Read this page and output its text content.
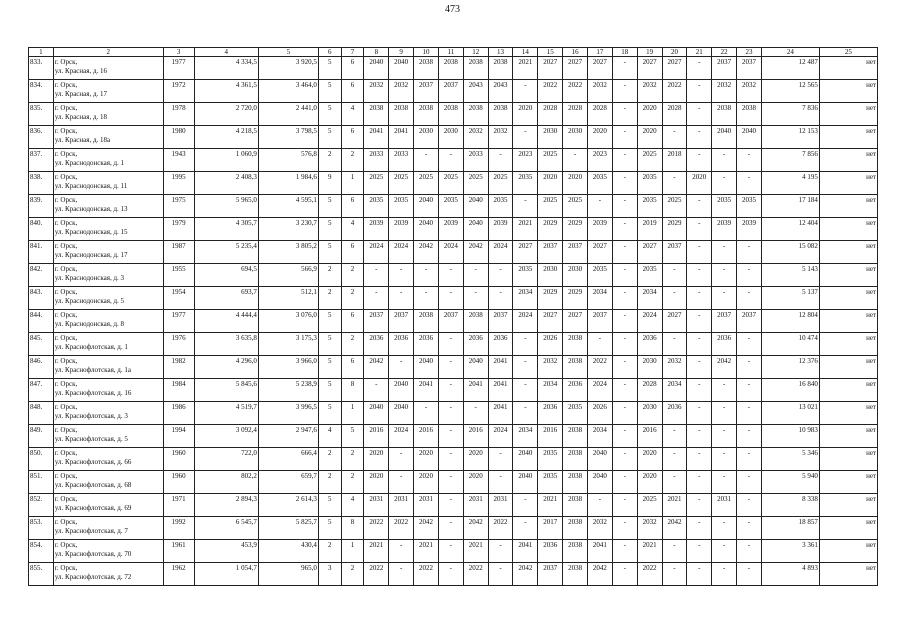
473
1	2	3	4	5	6	7	8	9	10	11	12	13	14	15	16	17	18	19	20	21	22	23	24	25
833.	г. Орск,
ул. Красная, д. 16	1977	4 334,5	3 920,5	5	6	2040	2040	2038	2038	2038	2038	2021	2027	2027	2027	-	2027	2027	-	2037	2037	12 487	нет
834.	г. Орск,
ул. Красная, д. 17	1972	4 361,5	3 464,0	5	6	2032	2032	2037	2037	2043	2043	-	2022	2022	2032	-	2032	2022	-	2032	2032	12 565	нет
835.	г. Орск,
ул. Красная, д. 18	1978	2 720,0	2 441,0	5	4	2038	2038	2038	2038	2038	2038	2020	2028	2028	2028	-	2020	2028	-	2038	2038	7 836	нет
836.	г. Орск,
ул. Красная, д. 18а	1980	4 218,5	3 798,5	5	6	2041	2041	2030	2030	2032	2032	-	2030	2030	2020	-	2020	-	-	2040	2040	12 153	нет
837.	г. Орск,
ул. Краснодонская, д. 1	1943	1 060,9	576,8	2	2	2033	2033	-	-	2033	-	2023	2025	-	2023	-	2025	2018	-	-	-	7 856	нет
838.	г. Орск,
ул. Краснодонская, д. 11	1995	2 408,3	1 984,6	9	1	2025	2025	2025	2025	2025	2025	2035	2020	2020	2035	-	2035	-	2020	-	-	4 195	нет
839.	г. Орск,
ул. Краснодонская, д. 13	1975	5 965,0	4 595,1	5	6	2035	2035	2040	2035	2040	2035	-	2025	2025	-	-	2035	2025	-	2035	2035	17 184	нет
840.	г. Орск,
ул. Краснодонская, д. 15	1979	4 305,7	3 230,7	5	4	2039	2039	2040	2039	2040	2039	2021	2029	2029	2039	-	2019	2029	-	2039	2039	12 404	нет
841.	г. Орск,
ул. Краснодонская, д. 17	1987	5 235,4	3 805,2	5	6	2024	2024	2042	2024	2042	2024	2027	2037	2037	2027	-	2027	2037	-	-	-	15 082	нет
842.	г. Орск,
ул. Краснодонская, д. 3	1955	694,5	566,9	2	2	-	-	-	-	-	-	2035	2030	2030	2035	-	2035	-	-	-	-	5 143	нет
843.	г. Орск,
ул. Краснодонская, д. 5	1954	693,7	512,1	2	2	-	-	-	-	-	-	2034	2029	2029	2034	-	2034	-	-	-	-	5 137	нет
844.	г. Орск,
ул. Краснодонская, д. 8	1977	4 444,4	3 076,0	5	6	2037	2037	2038	2037	2038	2037	2024	2027	2027	2037	-	2024	2027	-	2037	2037	12 804	нет
845.	г. Орск,
ул. Краснофлотская, д. 1	1976	3 635,8	3 175,3	5	2	2036	2036	2036	-	2036	2036	-	2026	2038	-	-	2036	-	-	2036	-	10 474	нет
846.	г. Орск,
ул. Краснофлотская, д. 1а	1982	4 296,0	3 966,0	5	6	2042	-	2040	-	2040	2041	-	2032	2038	2022	-	2030	2032	-	2042	-	12 376	нет
847.	г. Орск,
ул. Краснофлотская, д. 16	1984	5 845,6	5 238,9	5	8	-	2040	2041	-	2041	2041	-	2034	2036	2024	-	2028	2034	-	-	-	16 840	нет
848.	г. Орск,
ул. Краснофлотская, д. 3	1986	4 519,7	3 996,5	5	1	2040	2040	-	-	-	2041	-	2036	2035	2026	-	2030	2036	-	-	-	13 021	нет
849.	г. Орск,
ул. Краснофлотская, д. 5	1994	3 092,4	2 947,6	4	5	2016	2024	2016	-	2016	2024	2034	2016	2038	2034	-	2016	-	-	-	-	10 983	нет
850.	г. Орск,
ул. Краснофлотская, д. 66	1960	722,0	666,4	2	2	2020	-	2020	-	2020	-	2040	2035	2038	2040	-	2020	-	-	-	-	5 346	нет
851.	г. Орск,
ул. Краснофлотская, д. 68	1960	802,2	659,7	2	2	2020	-	2020	-	2020	-	2040	2035	2038	2040	-	2020	-	-	-	-	5 940	нет
852.	г. Орск,
ул. Краснофлотская, д. 69	1971	2 894,3	2 614,3	5	4	2031	2031	2031	-	2031	2031	-	2021	2038	-	-	2025	2021	-	2031	-	8 338	нет
853.	г. Орск,
ул. Краснофлотская, д. 7	1992	6 545,7	5 825,7	5	8	2022	2022	2042	-	2042	2022	-	2017	2038	2032	-	2032	2042	-	-	-	18 857	нет
854.	г. Орск,
ул. Краснофлотская, д. 70	1961	453,9	430,4	2	1	2021	-	2021	-	2021	-	2041	2036	2038	2041	-	2021	-	-	-	-	3 361	нет
855.	г. Орск,
ул. Краснофлотская, д. 72	1962	1 054,7	965,0	3	2	2022	-	2022	-	2022	-	2042	2037	2038	2042	-	2022	-	-	-	-	4 893	нет
